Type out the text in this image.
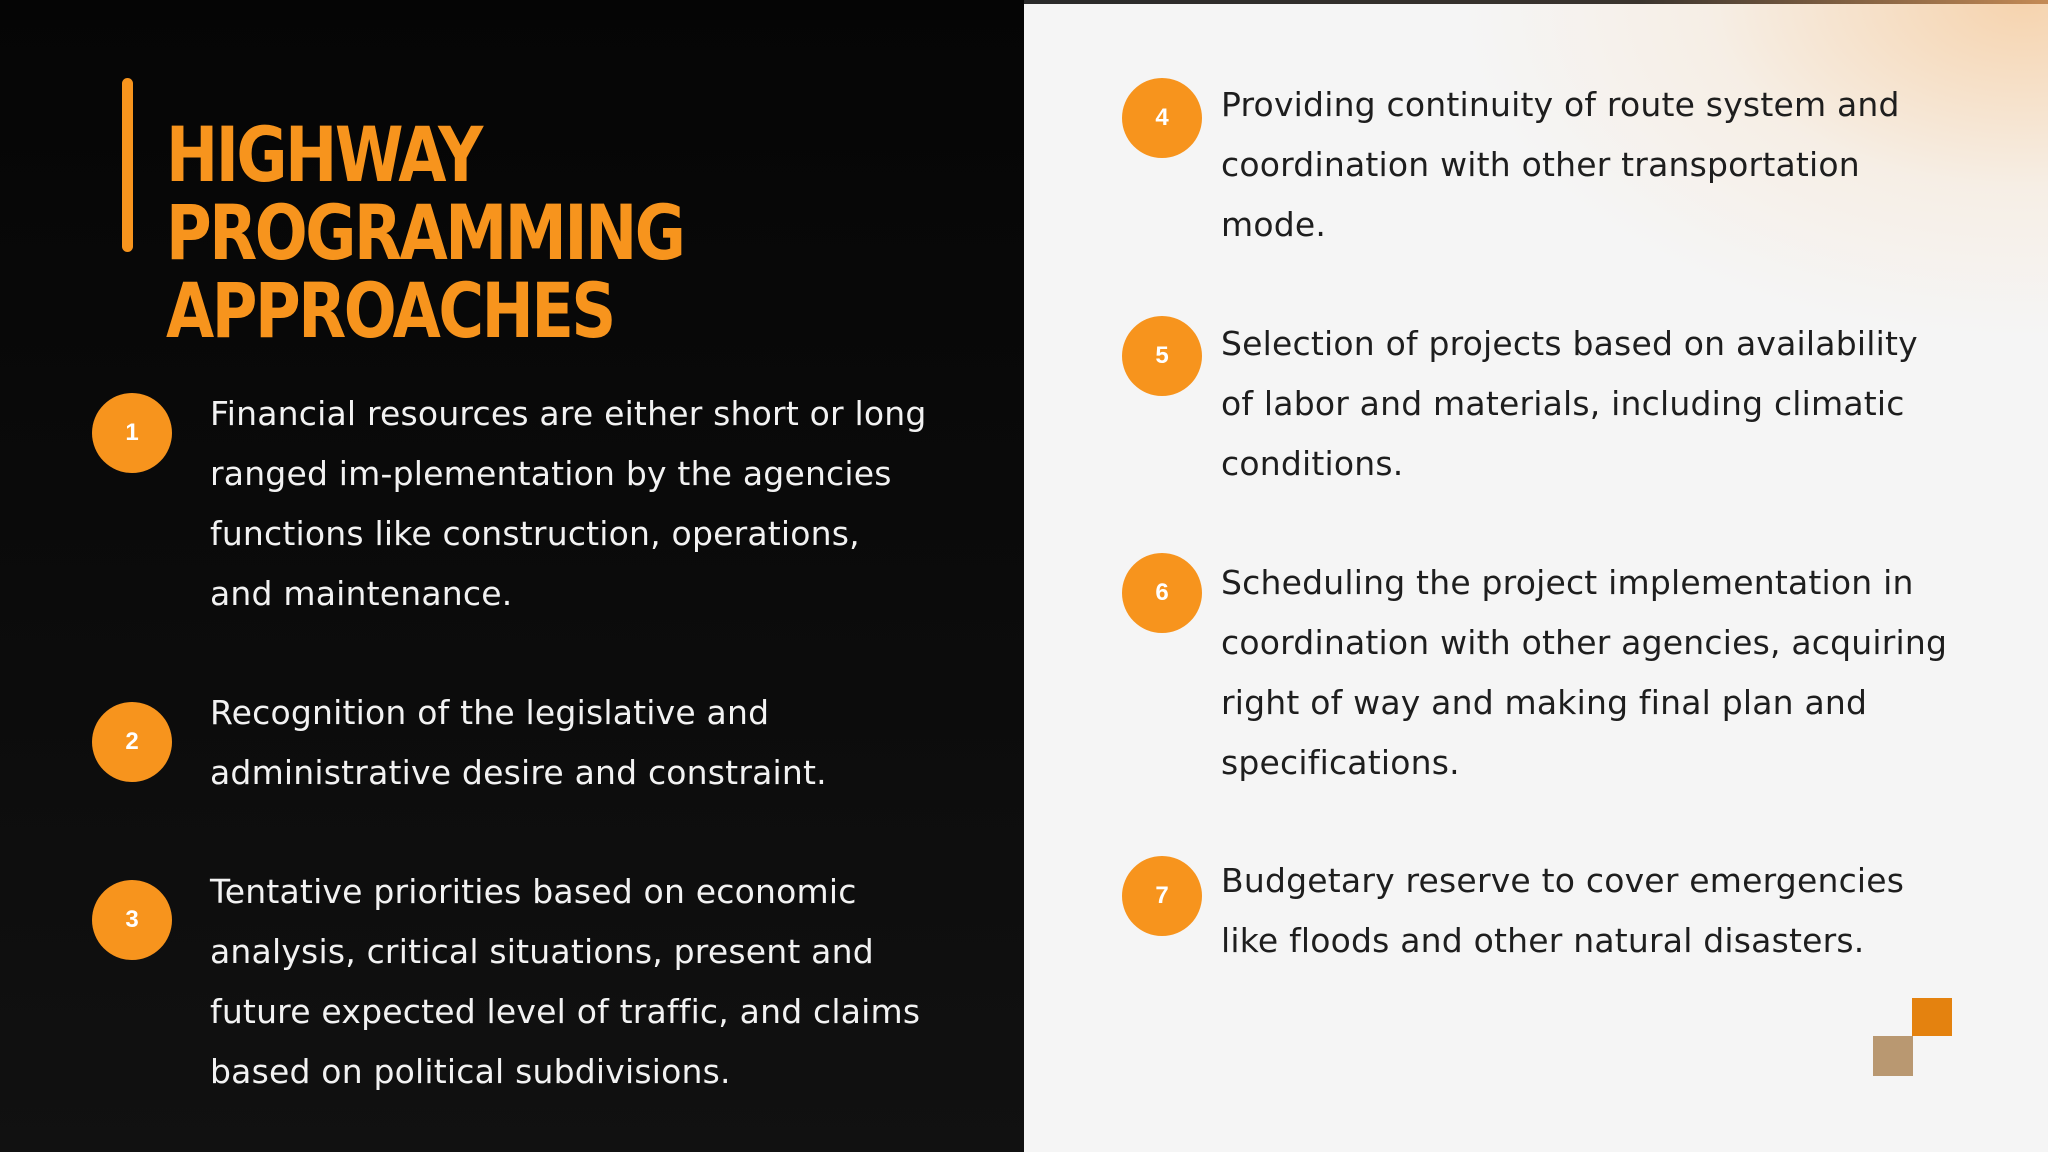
HIGHWAY PROGRAMMING
APPROACHES
1	Financial resources are either short or long ranged im-plementation by the agencies functions like construction, operations, and maintenance.

2

Recognition of the legislative and administrative desire and constraint.

3

Tentative priorities based on economic analysis, critical situations, present and future expected level of traffic, and claims based on political subdivisions.

4	Providing continuity of route system and coordination with other transportation mode.

5	Selection of projects based on availability of labor and materials, including climatic conditions.

6	Scheduling the project implementation in coordination with other agencies, acquiring right of way and making final plan and specifications.

7	Budgetary reserve to cover emergencies like floods and other natural disasters.
